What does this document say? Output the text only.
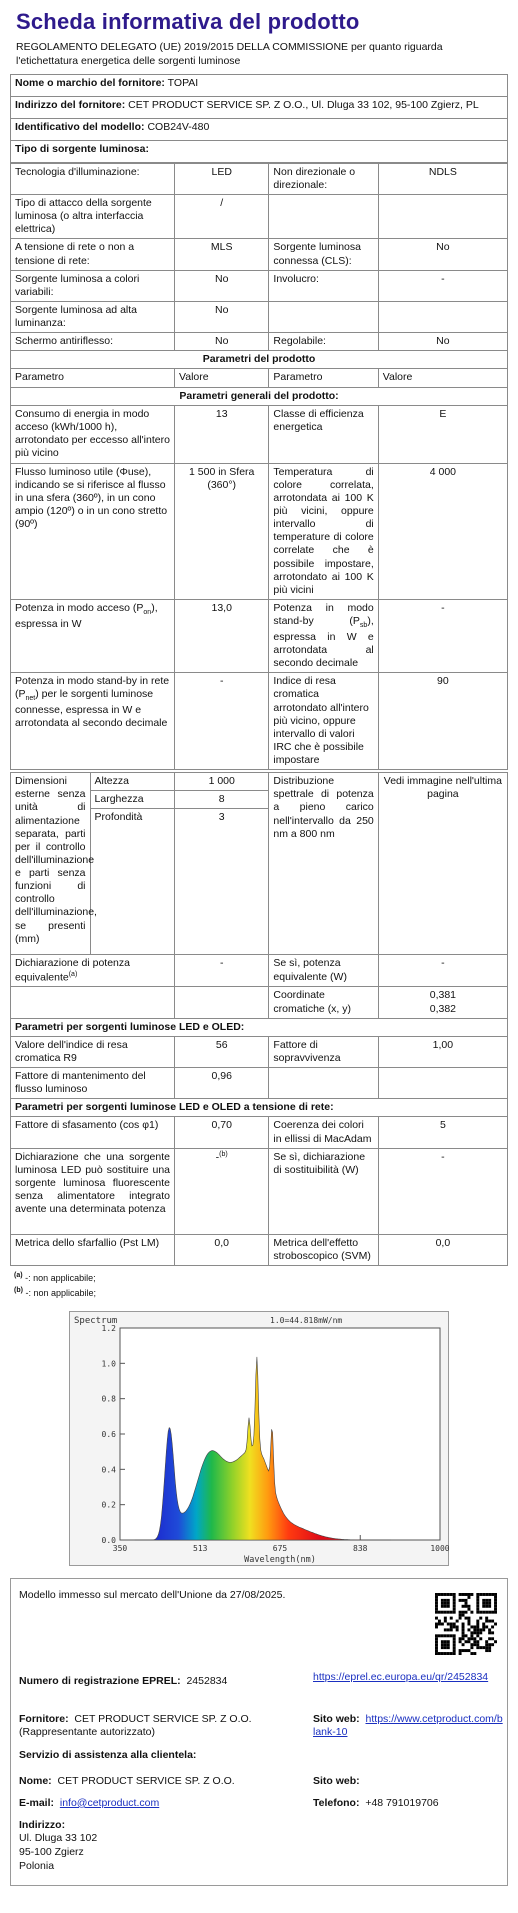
Scheda informativa del prodotto
REGOLAMENTO DELEGATO (UE) 2019/2015 DELLA COMMISSIONE per quanto riguarda l'etichettatura energetica delle sorgenti luminose
Nome o marchio del fornitore: TOPAI
Indirizzo del fornitore: CET PRODUCT SERVICE SP. Z O.O., Ul. Dluga 33 102, 95-100 Zgierz, PL
Identificativo del modello: COB24V-480
Tipo di sorgente luminosa:
Tecnologia d'illuminazione:	LED	Non direzionale o direzionale:	NDLS
Tipo di attacco della sorgente luminosa (o altra interfaccia elettrica)	/		
A tensione di rete o non a tensione di rete:	MLS	Sorgente luminosa connessa (CLS):	No
Sorgente luminosa a colori variabili:	No	Involucro:	-
Sorgente luminosa ad alta luminanza:	No		
Schermo antiriflesso:	No	Regolabile:	No
Parametri del prodotto			
Parametro	Valore	Parametro	Valore
Parametri generali del prodotto:			
Consumo di energia in modo acceso (kWh/1000 h), arrotondato per eccesso all'intero più vicino	13	Classe di efficienza energetica	E
Flusso luminoso utile (Φuse), indicando se si riferisce al flusso in una sfera (360º), in un cono ampio (120º) o in un cono stretto (90º)	1 500 in Sfera (360°)	Temperatura di colore correlata, arrotondata ai 100 K più vicini, oppure intervallo di temperature di colore correlate che è possibile impostare, arrotondato ai 100 K più vicini	4 000
Potenza in modo acceso $(P_{on})$, espressa in W	13,0	Potenza in modo stand-by $(P_{sb})$, espressa in W e arrotondata al secondo decimale	-
Potenza in modo stand-by in rete $(P_{net})$ per le sorgenti luminose connesse, espressa in W e arrotondata al secondo decimale	-	Indice di resa cromatica arrotondato all'intero più vicino, oppure intervallo di valori IRC che è possibile impostare	90
Dimensioni esterne senza unità di alimentazione separata, parti per il controllo dell'illuminazione e parti senza funzioni di controllo dell'illuminazione, se presenti (mm)	Altezza	1 000	Distribuzione spettrale di potenza a pieno carico nell'intervallo da 250 nm a 800 nm	Vedi immagine nell'ultima pagina
	Larghezza	8		
	Profondità	3		
Dichiarazione di potenza equivalente$^{(a)}$		-	Se sì, potenza equivalente (W)	-
			Coordinate cromatiche (x, y)	0,381
0,382

Parametri per sorgenti luminose LED e OLED:				
Valore dell'indice di resa cromatica R9		56	Fattore di sopravvivenza	1,00
Fattore di mantenimento del flusso luminoso		0,96		
Parametri per sorgenti luminose LED e OLED a tensione di rete:				
Fattore di sfasamento (cos φ1)		0,70	Coerenza dei colori in ellissi di MacAdam	5
Dichiarazione che una sorgente luminosa LED può sostituire una sorgente luminosa fluorescente senza alimentatore integrato avente una determinata potenza		-$^{(b)}$	Se sì, dichiarazione di sostituibilità (W)	-
Metrica dello sfarfallio (Pst LM)		0,0	Metrica dell'effetto stroboscopico (SVM)	0,0
$^{(a)}$ -: non applicabile;
$^{(b)}$ -: non applicabile;
Spectrum	1.0=44.818mW/nm
0.0
0.2
0.4
0.6
0.8
1.0
1.2
350	513	675	838	1000
Wavelength(nm)
Modello immesso sul mercato dell'Unione da 27/08/2025.
Numero di registrazione EPREL: 2452834	https://eprel.ec.europa.eu/qr/2452834
Fornitore: CET PRODUCT SERVICE SP. Z O.O. (Rappresentante autorizzato)
Sito web: https://www.cetproduct.com/blank-10
Servizio di assistenza alla clientela:
Nome: CET PRODUCT SERVICE SP. Z O.O.	Sito web:
E-mail: info@cetproduct.com	Telefono: +48 791019706
Indirizzo:
Ul. Dluga 33 102
95-100 Zgierz
Polonia
